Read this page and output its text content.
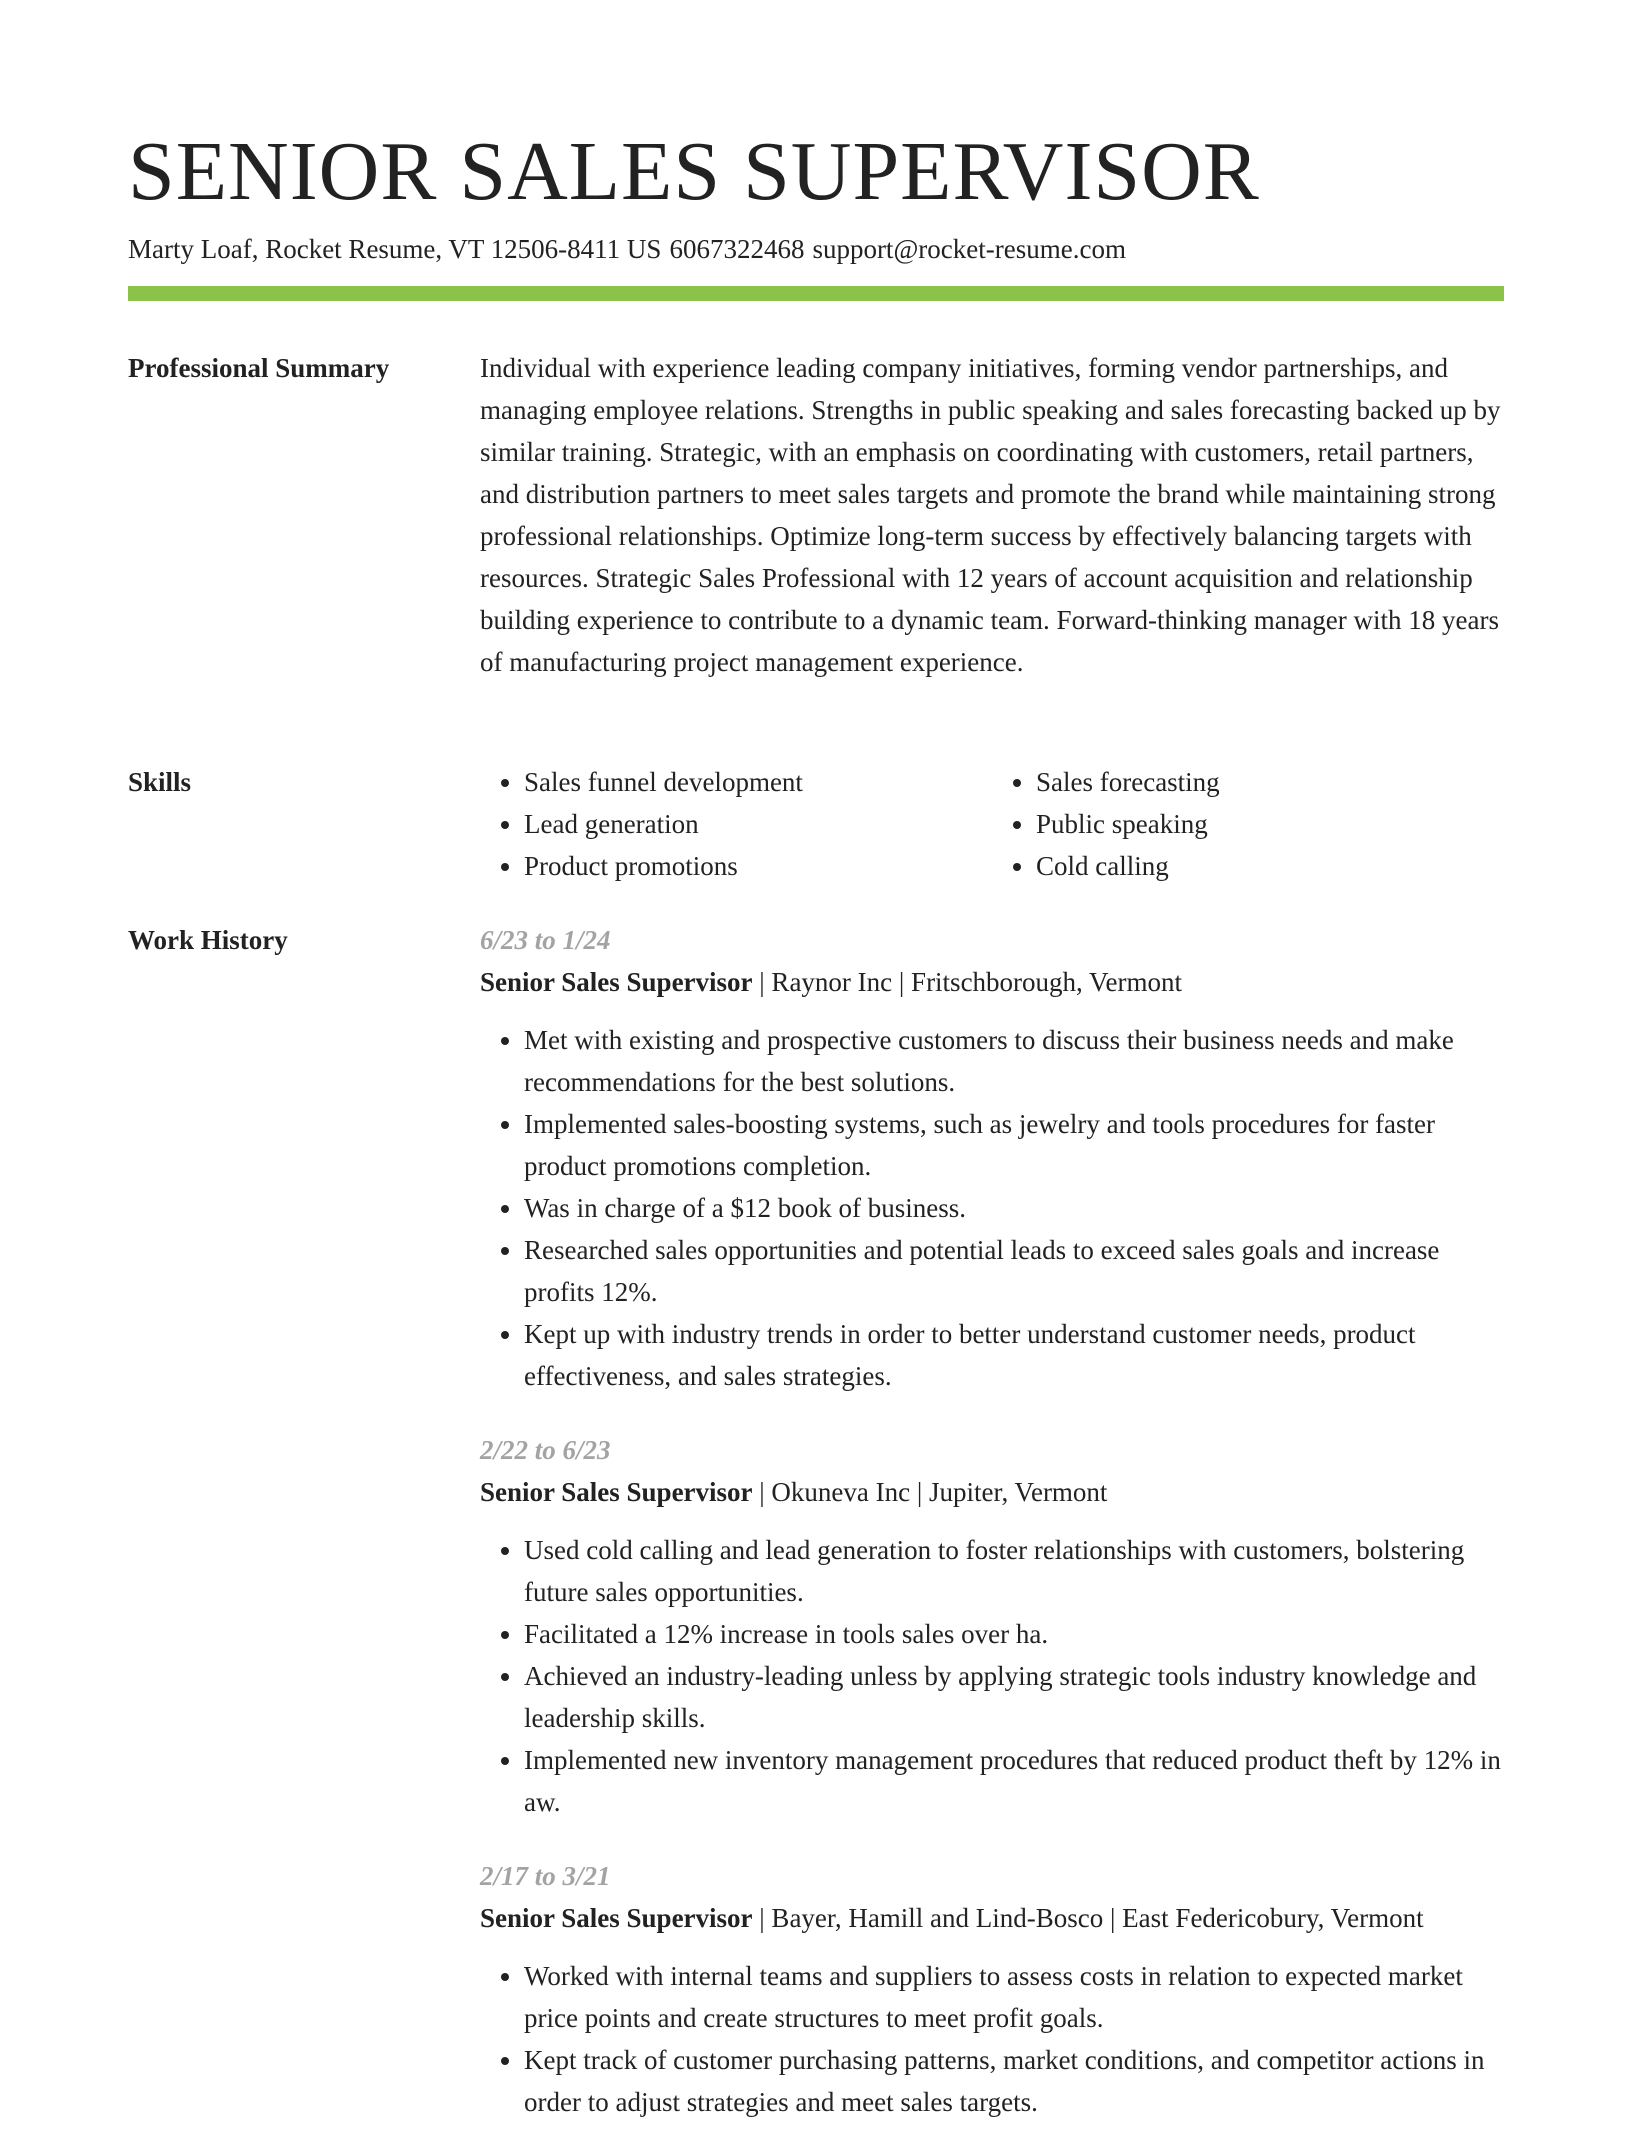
SENIOR SALES SUPERVISOR
Marty Loaf, Rocket Resume, VT 12506-8411 US 6067322468 support@rocket-resume.com
Professional Summary	Individual with experience leading company initiatives, forming vendor partnerships, and managing employee relations. Strengths in public speaking and sales forecasting backed up by similar training. Strategic, with an emphasis on coordinating with customers, retail partners, and distribution partners to meet sales targets and promote the brand while maintaining strong professional relationships. Optimize long-term success by effectively balancing targets with resources. Strategic Sales Professional with 12 years of account acquisition and relationship building experience to contribute to a dynamic team. Forward-thinking manager with 18 years of manufacturing project management experience.

Skills
•	Sales funnel development
• Lead generation
• Product promotions
• Sales forecasting
• Public speaking
• Cold calling
Work History	6/23 to 1/24
Senior Sales Supervisor | Raynor Inc | Fritschborough, Vermont
• Met with existing and prospective customers to discuss their business needs and make recommendations for the best solutions.
• Implemented sales-boosting systems, such as jewelry and tools procedures for faster product promotions completion.
• Was in charge of a $12 book of business.
• Researched sales opportunities and potential leads to exceed sales goals and increase profits 12%.
• Kept up with industry trends in order to better understand customer needs, product effectiveness, and sales strategies.
2/22 to 6/23
Senior Sales Supervisor | Okuneva Inc | Jupiter, Vermont
• Used cold calling and lead generation to foster relationships with customers, bolstering future sales opportunities.
• Facilitated a 12% increase in tools sales over ha.
• Achieved an industry-leading unless by applying strategic tools industry knowledge and leadership skills.
• Implemented new inventory management procedures that reduced product theft by 12% in aw.
2/17 to 3/21
Senior Sales Supervisor | Bayer, Hamill and Lind-Bosco | East Federicobury, Vermont
• Worked with internal teams and suppliers to assess costs in relation to expected market price points and create structures to meet profit goals.
• Kept track of customer purchasing patterns, market conditions, and competitor actions in order to adjust strategies and meet sales targets.
